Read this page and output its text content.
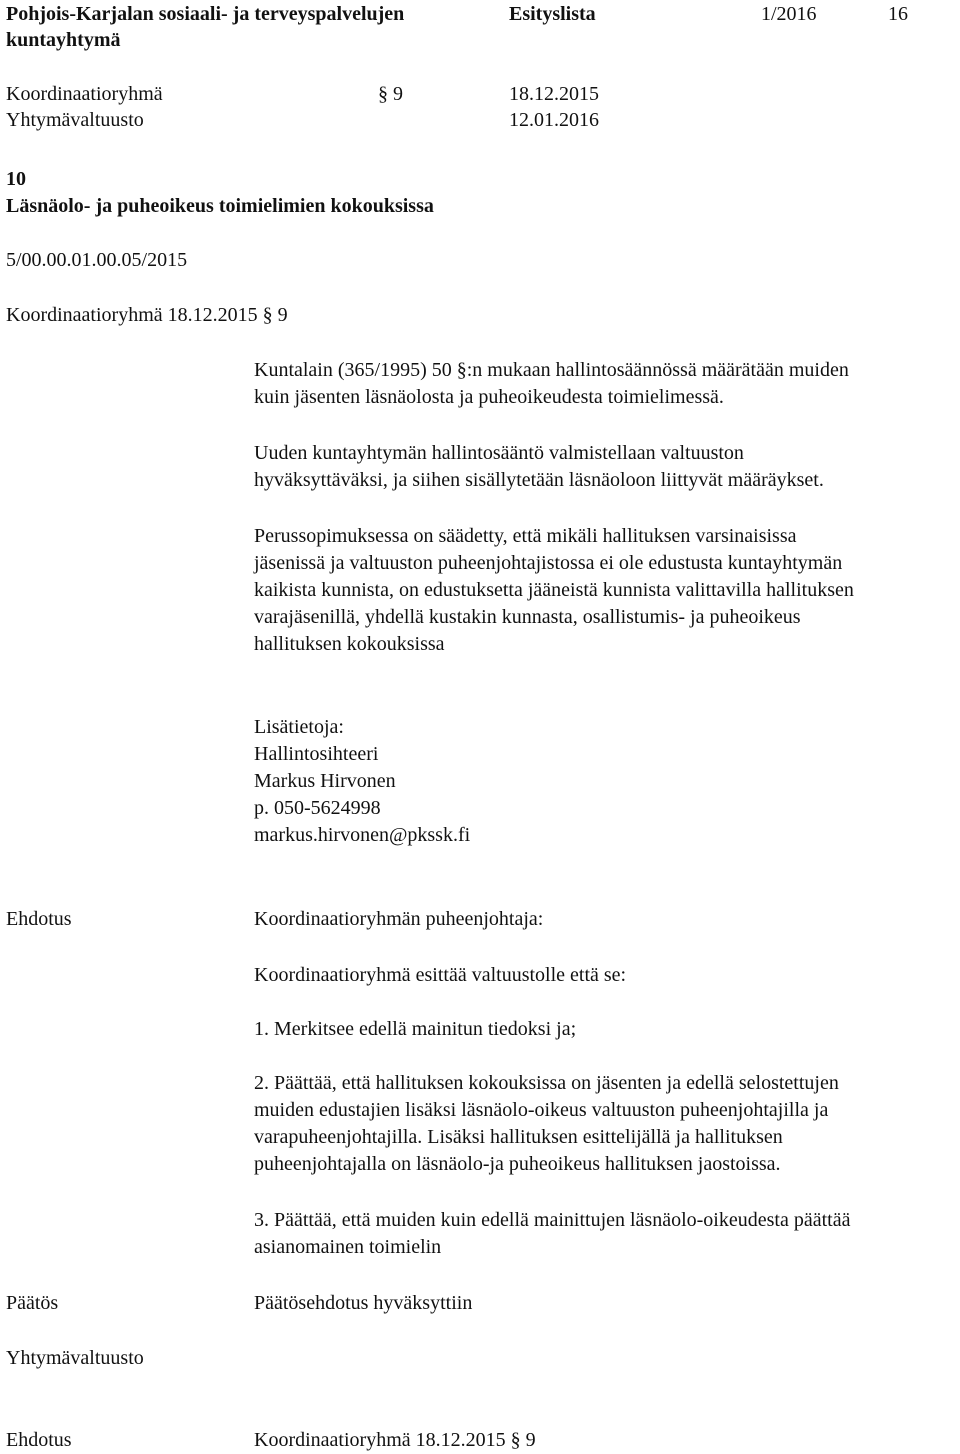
Pohjois-Karjalan sosiaali- ja terveyspalvelujen
kuntayhtymä
Esityslista	1/2016	16
Koordinaatioryhmä	§ 9	18.12.2015
Yhtymävaltuusto	12.01.2016
10
Läsnäolo- ja puheoikeus toimielimien kokouksissa
5/00.00.01.00.05/2015
Koordinaatioryhmä 18.12.2015 § 9
Kuntalain (365/1995) 50 §:n mukaan hallintosäännössä määrätään muiden
kuin jäsenten läsnäolosta ja puheoikeudesta toimielimessä.
Uuden kuntayhtymän hallintosääntö valmistellaan valtuuston
hyväksyttäväksi, ja siihen sisällytetään läsnäoloon liittyvät määräykset.
Perussopimuksessa on säädetty, että mikäli hallituksen varsinaisissa
jäsenissä ja valtuuston puheenjohtajistossa ei ole edustusta kuntayhtymän
kaikista kunnista, on edustuksetta jääneistä kunnista valittavilla hallituksen
varajäsenillä, yhdellä kustakin kunnasta, osallistumis- ja puheoikeus
hallituksen kokouksissa
Lisätietoja:
Hallintosihteeri
Markus Hirvonen
p. 050-5624998
markus.hirvonen@pkssk.fi
Ehdotus	Koordinaatioryhmän puheenjohtaja:
Koordinaatioryhmä esittää valtuustolle että se:
1. Merkitsee edellä mainitun tiedoksi ja;
2. Päättää, että hallituksen kokouksissa on jäsenten ja edellä selostettujen
muiden edustajien lisäksi läsnäolo-oikeus valtuuston puheenjohtajilla ja
varapuheenjohtajilla. Lisäksi hallituksen esittelijällä ja hallituksen
puheenjohtajalla on läsnäolo-ja puheoikeus hallituksen jaostoissa.
3. Päättää, että muiden kuin edellä mainittujen läsnäolo-oikeudesta päättää
asianomainen toimielin
Päätös	Päätösehdotus hyväksyttiin
Yhtymävaltuusto
Ehdotus	Koordinaatioryhmä 18.12.2015 § 9
